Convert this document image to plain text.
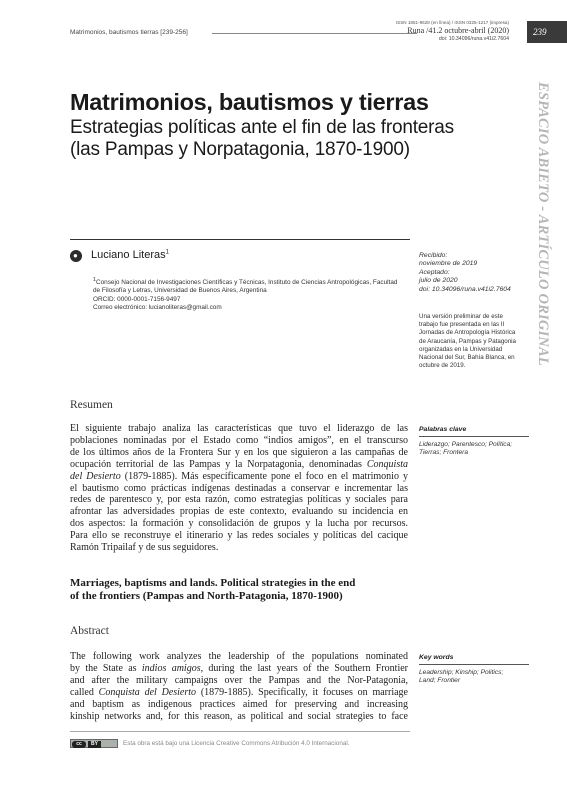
Matrimonios, bautismos tierras [239-256]
ISSN 1851-9628 (en línea) / ISSN 0325-1217 (impresa)
Runa /41.2 octubre-abril (2020)
doi: 10.34096/runa.v41i2.7604
239
ESPACIO ABIETO - ARTÍCULO ORIGINAL
Matrimonios, bautismos y tierras
Estrategias políticas ante el fin de las fronteras
(las Pampas y Norpatagonia, 1870-1900)
● Luciano Literas$^1$

$^1$Consejo Nacional de Investigaciones Científicas y Técnicas, Instituto de Ciencias Antropológicas, Facultad

de Filosofía y Letras, Universidad de Buenos Aires, Argentina

ORCID: 0000-0001-7156-9497

Correo electrónico: lucianoliteras@gmail.com

Recibido:

noviembre de 2019

Aceptado:

julio de 2020

doi: 10.34096/runa.v41i2.7604

Una versión preliminar de este

trabajo fue presentada en las II

Jornadas de Antropología Histórica

de Araucanía, Pampas y Patagonia

organizadas en la Universidad

Nacional del Sur, Bahía Blanca, en

octubre de 2019.

Resumen
El siguiente trabajo analiza las características que tuvo el liderazgo de las
poblaciones nominadas por el Estado como “indios amigos”, en el transcurso
de los últimos años de la Frontera Sur y en los que siguieron a las campañas de
ocupación territorial de las Pampas y la Norpatagonia, denominadas Conquista
del Desierto (1879-1885). Más específicamente pone el foco en el matrimonio y
el bautismo como prácticas indígenas destinadas a conservar e incrementar las
redes de parentesco y, por esta razón, como estrategias políticas y sociales para
afrontar las adversidades propias de este contexto, evaluando su incidencia en
dos aspectos: la formación y consolidación de grupos y la lucha por recursos.
Para ello se reconstruye el itinerario y las redes sociales y políticas del cacique
Ramón Tripailaf y de sus seguidores.
Palabras clave
Liderazgo; Parentesco; Política;
Tierras; Frontera
Marriages, baptisms and lands. Political strategies in the end
of the frontiers (Pampas and North-Patagonia, 1870-1900)
Abstract
The following work analyzes the leadership of the populations nominated
by the State as indios amigos, during the last years of the Southern Frontier
and after the military campaigns over the Pampas and the Nor-Patagonia,
called Conquista del Desierto (1879-1885). Specifically, it focuses on marriage
and baptism as indigenous practices aimed for preserving and increasing
kinship networks and, for this reason, as political and social strategies to face
Key words
Leadership; Kinship; Politics;
Land; Frontier
cc BY	Esta obra está bajo una Licencia Creative Commons Atribución 4.0 Internacional.
